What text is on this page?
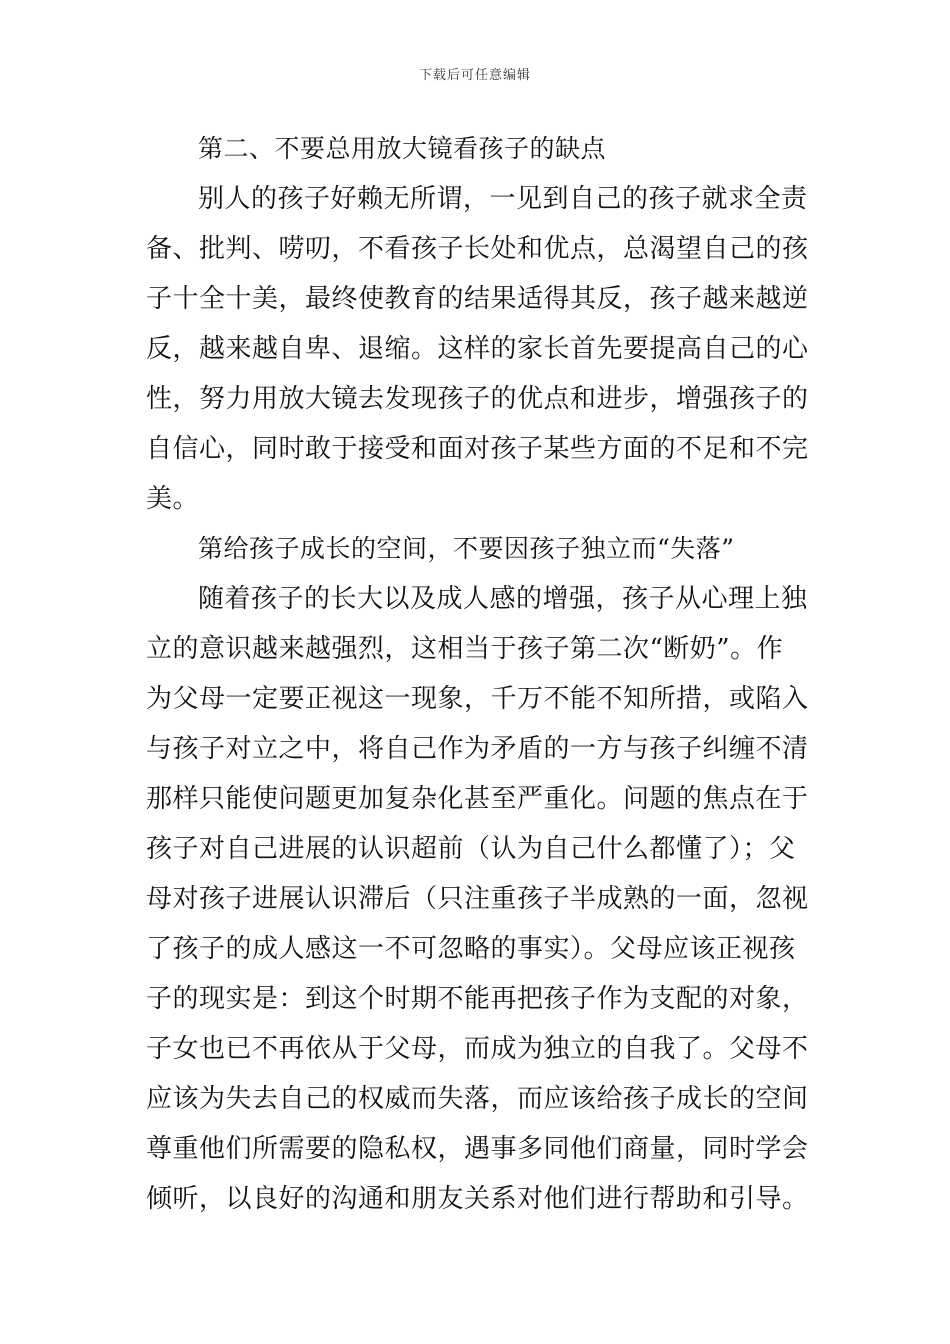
下载后可任意编辑
第二、不要总用放大镜看孩子的缺点
别人的孩子好赖无所谓，一见到自己的孩子就求全责
备、批判、唠叨，不看孩子长处和优点，总渴望自己的孩
子十全十美，最终使教育的结果适得其反，孩子越来越逆
反，越来越自卑、退缩。这样的家长首先要提高自己的心
性，努力用放大镜去发现孩子的优点和进步，增强孩子的
自信心，同时敢于接受和面对孩子某些方面的不足和不完
美。
第给孩子成长的空间，不要因孩子独立而“失落”
随着孩子的长大以及成人感的增强，孩子从心理上独
立的意识越来越强烈，这相当于孩子第二次“断奶”。作
为父母一定要正视这一现象，千万不能不知所措，或陷入
与孩子对立之中，将自己作为矛盾的一方与孩子纠缠不清
那样只能使问题更加复杂化甚至严重化。问题的焦点在于
孩子对自己进展的认识超前（认为自己什么都懂了）；父
母对孩子进展认识滞后（只注重孩子半成熟的一面，忽视
了孩子的成人感这一不可忽略的事实）。父母应该正视孩
子的现实是：到这个时期不能再把孩子作为支配的对象，
子女也已不再依从于父母，而成为独立的自我了。父母不
应该为失去自己的权威而失落，而应该给孩子成长的空间
尊重他们所需要的隐私权，遇事多同他们商量，同时学会
倾听，以良好的沟通和朋友关系对他们进行帮助和引导。
